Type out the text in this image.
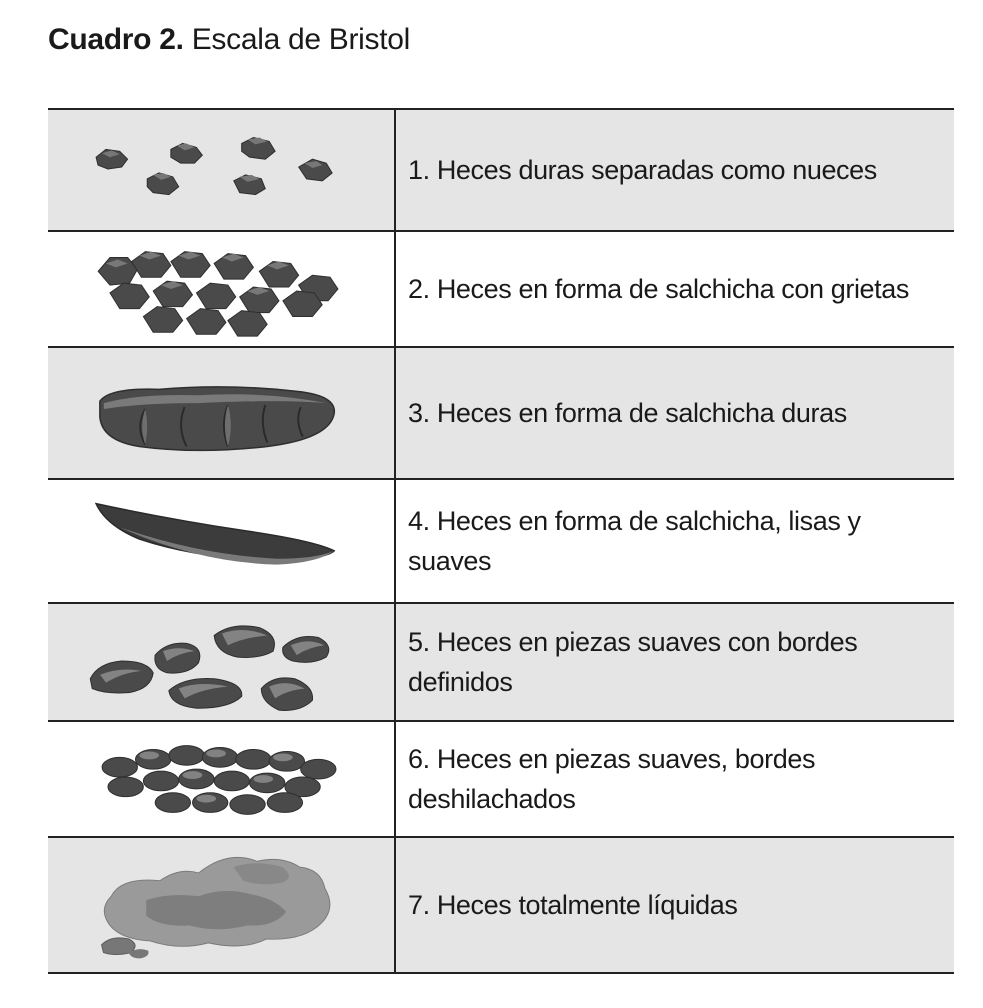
Cuadro 2. Escala de Bristol
1. Heces duras separadas como nueces
2. Heces en forma de salchicha con grietas
3. Heces en forma de salchicha duras
4. Heces en forma de salchicha, lisas y suaves
5. Heces en piezas suaves con bordes definidos
6. Heces en piezas suaves, bordes deshilachados
7. Heces totalmente líquidas
